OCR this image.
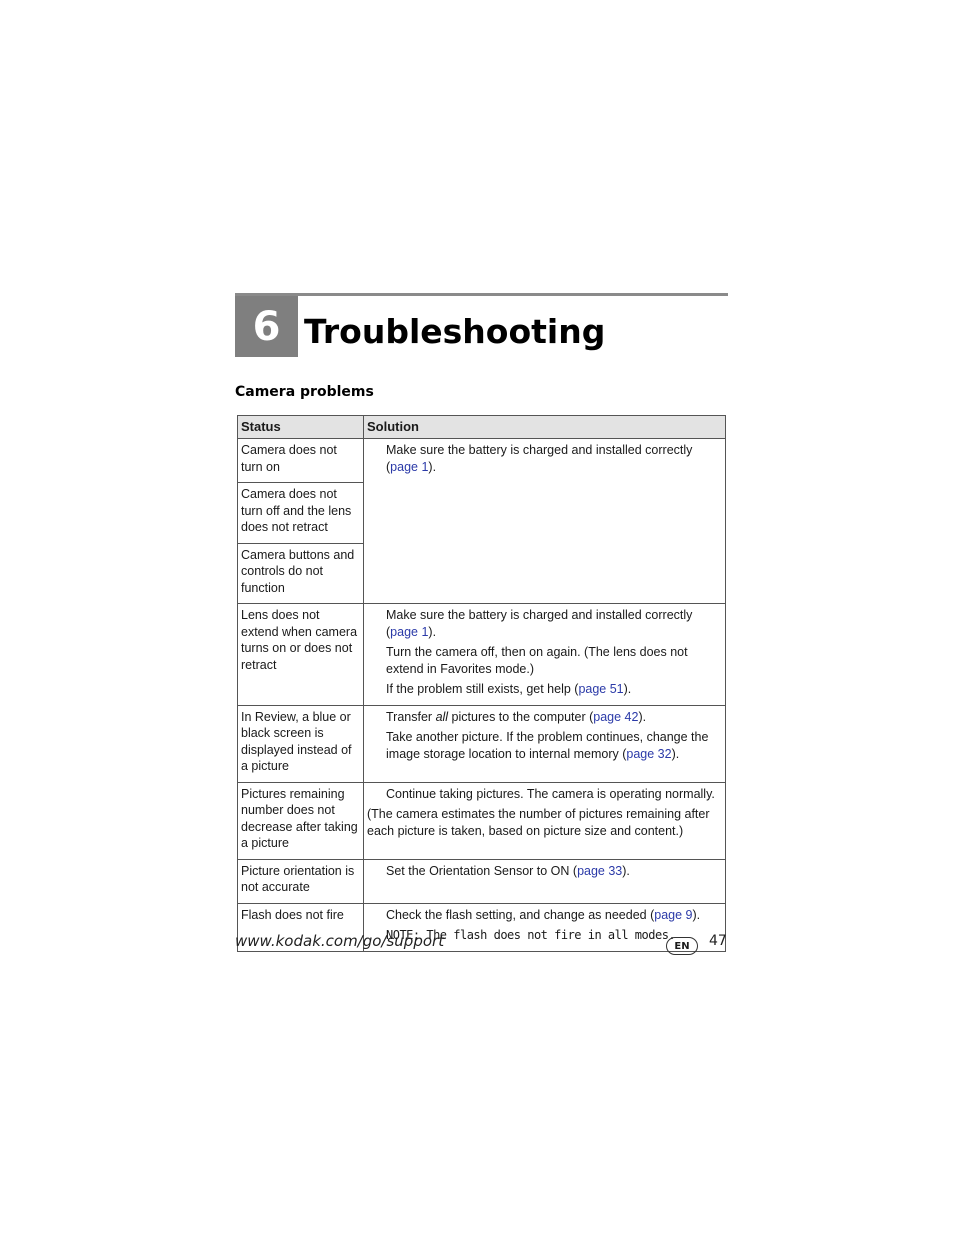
6 Troubleshooting
Camera problems
Status	Solution
Camera does not turn on	Make sure the battery is charged and installed correctly (page 1).

Camera does not turn off and the lens does not retract	
Camera buttons and controls do not function	
Lens does not extend when camera turns on or does not retract	Make sure the battery is charged and installed correctly (page 1).
Turn the camera off, then on again. (The lens does not extend in Favorites mode.)
If the problem still exists, get help (page 51).

In Review, a blue or black screen is displayed instead of a picture	Transfer all pictures to the computer (page 42).
Take another picture. If the problem continues, change the image storage location to internal memory (page 32).

Pictures remaining number does not decrease after taking a picture	Continue taking pictures. The camera is operating normally.
(The camera estimates the number of pictures remaining after each picture is taken, based on picture size and content.)

Picture orientation is not accurate	Set the Orientation Sensor to ON (page 33).

Flash does not fire	Check the flash setting, and change as needed (page 9).
NOTE: The flash does not fire in all modes.
www.kodak.com/go/support	EN 47
